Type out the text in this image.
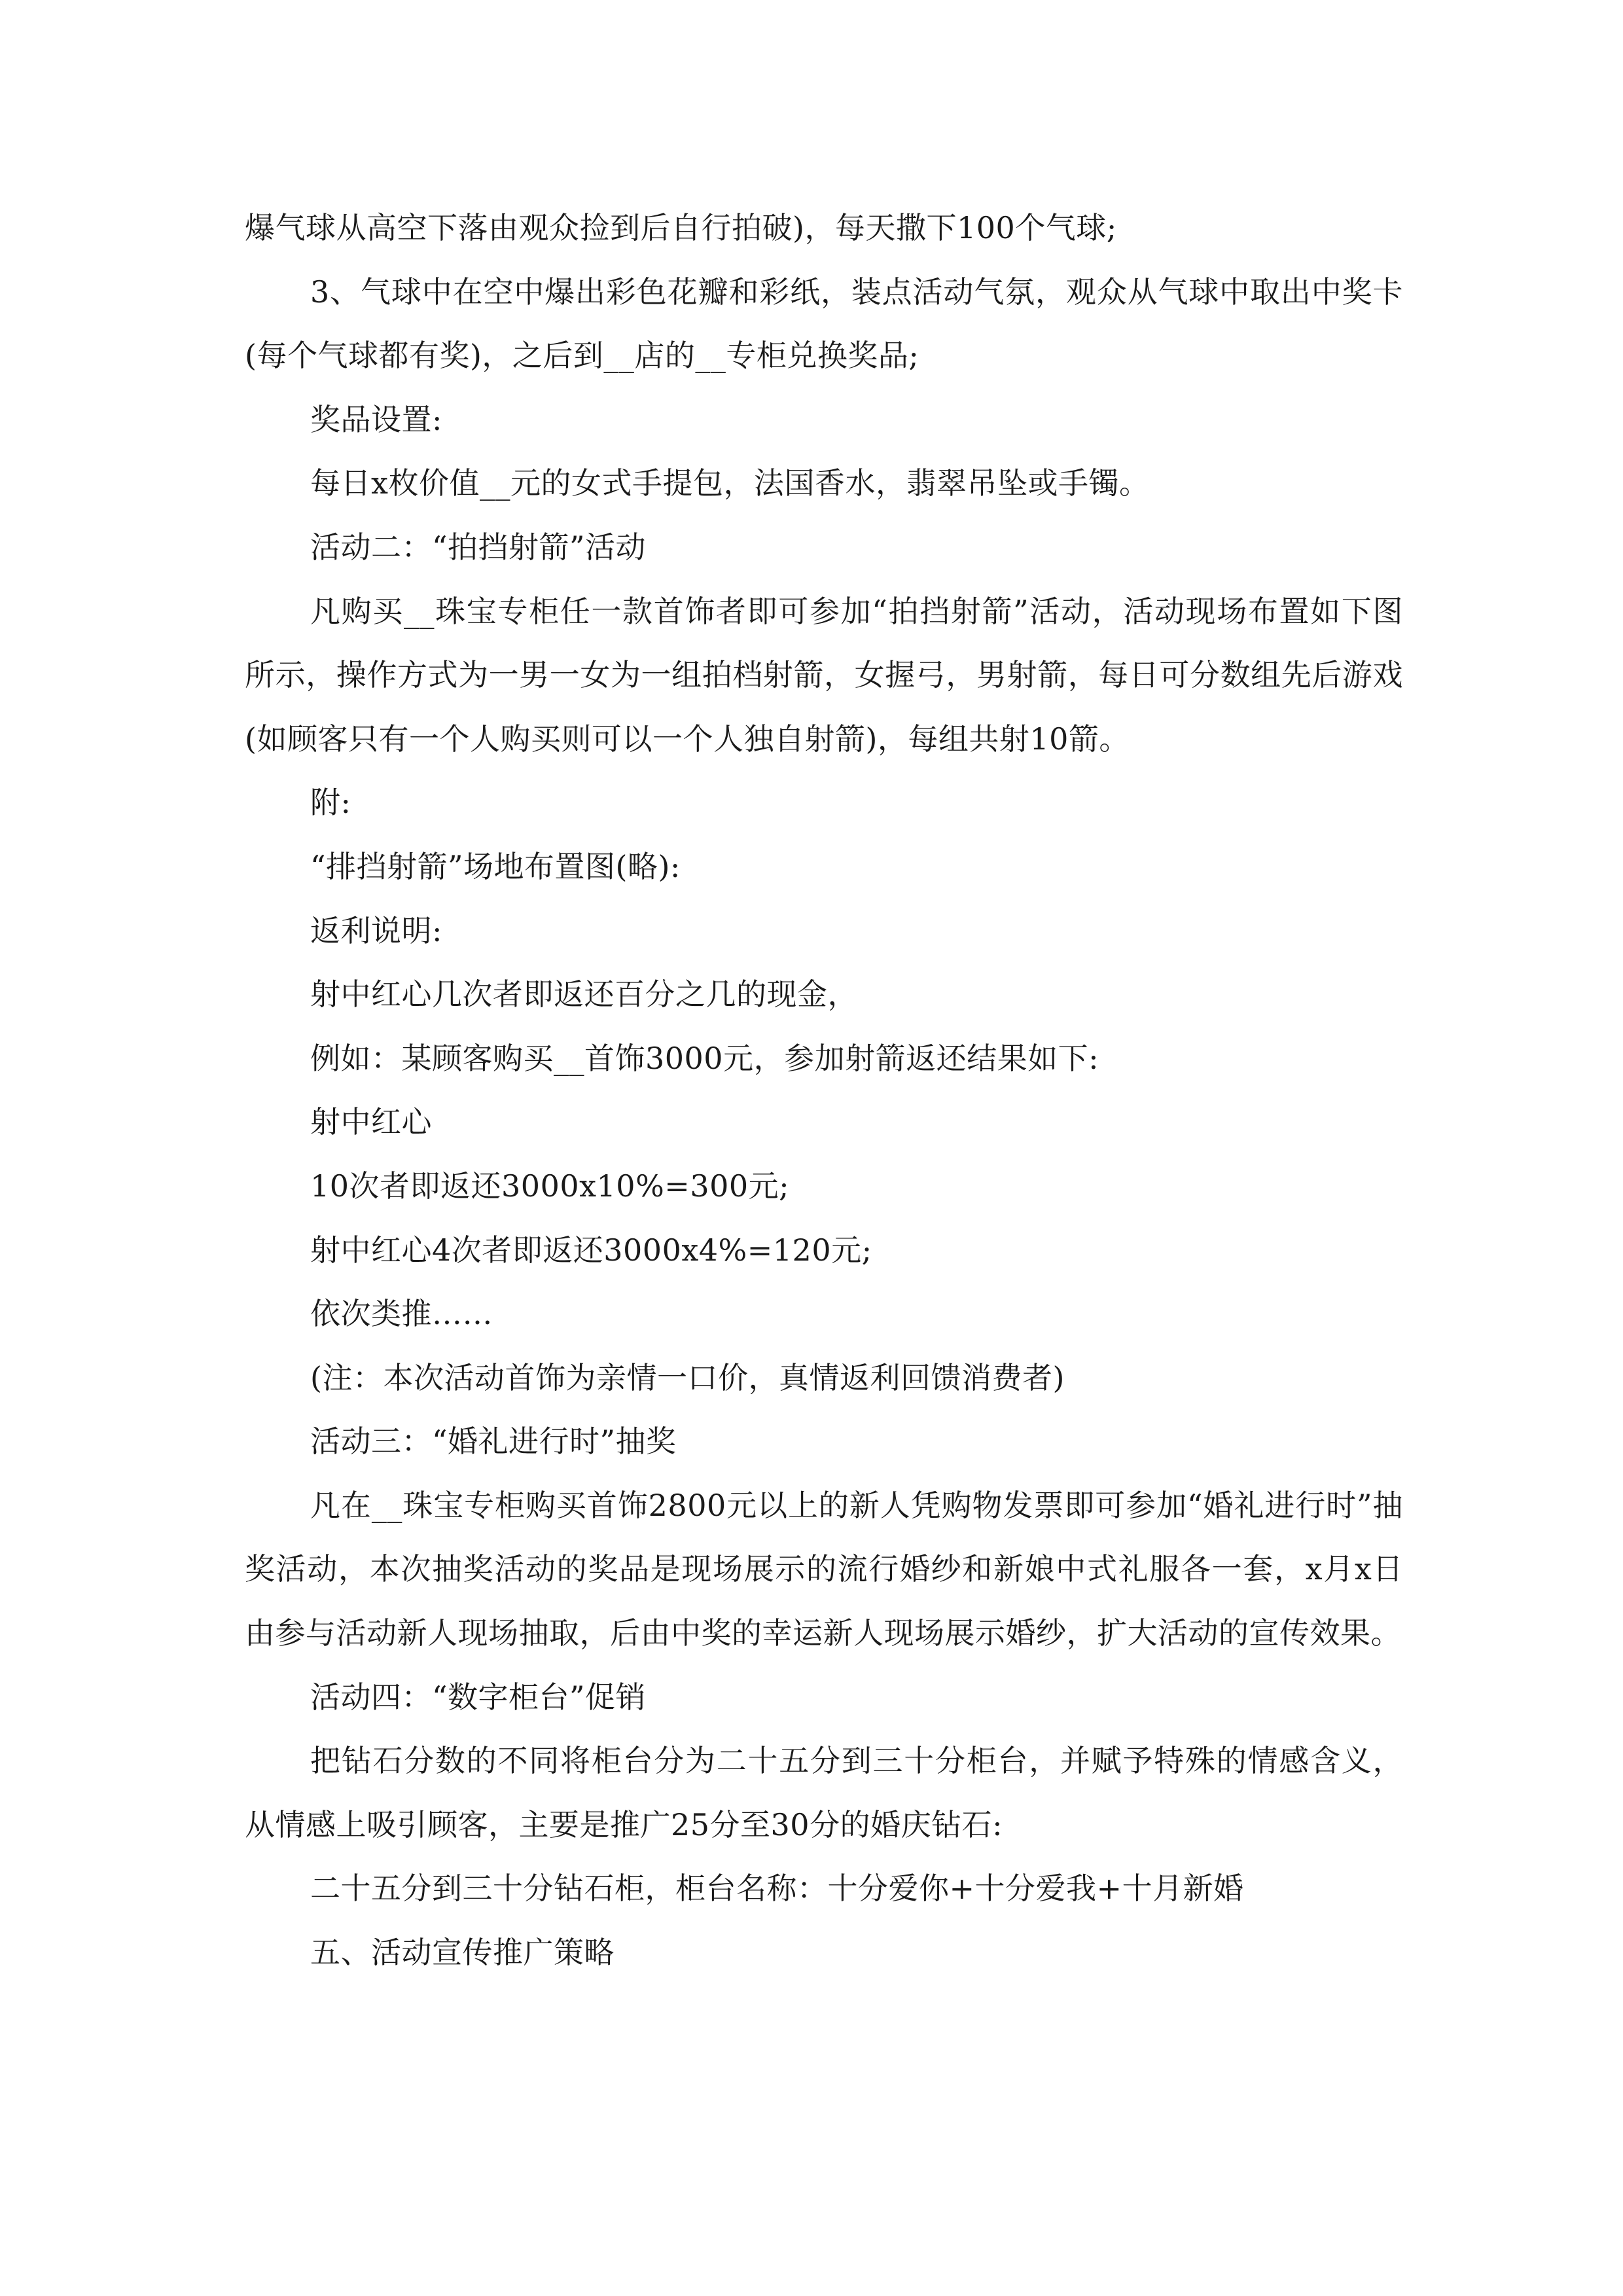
爆气球从高空下落由观众捡到后自行拍破)，每天撒下100个气球;

3、气球中在空中爆出彩色花瓣和彩纸，装点活动气氛，观众从气球中取出中奖卡(每个气球都有奖)，之后到__店的__专柜兑换奖品;

奖品设置:

每日x枚价值__元的女式手提包，法国香水，翡翠吊坠或手镯。

活动二：“拍挡射箭”活动

凡购买__珠宝专柜任一款首饰者即可参加“拍挡射箭”活动，活动现场布置如下图所示，操作方式为一男一女为一组拍档射箭，女握弓，男射箭，每日可分数组先后游戏(如顾客只有一个人购买则可以一个人独自射箭)，每组共射10箭。

附:

“排挡射箭”场地布置图(略):

返利说明:

射中红心几次者即返还百分之几的现金，

例如：某顾客购买__首饰3000元，参加射箭返还结果如下:

射中红心

10次者即返还3000x10%=300元;

射中红心4次者即返还3000x4%=120元;

依次类推……

(注：本次活动首饰为亲情一口价，真情返利回馈消费者)

活动三：“婚礼进行时”抽奖

凡在__珠宝专柜购买首饰2800元以上的新人凭购物发票即可参加“婚礼进行时”抽奖活动，本次抽奖活动的奖品是现场展示的流行婚纱和新娘中式礼服各一套，x月x日由参与活动新人现场抽取，后由中奖的幸运新人现场展示婚纱，扩大活动的宣传效果。

活动四：“数字柜台”促销

把钻石分数的不同将柜台分为二十五分到三十分柜台，并赋予特殊的情感含义，从情感上吸引顾客，主要是推广25分至30分的婚庆钻石:

二十五分到三十分钻石柜，柜台名称：十分爱你+十分爱我+十月新婚

五、活动宣传推广策略
